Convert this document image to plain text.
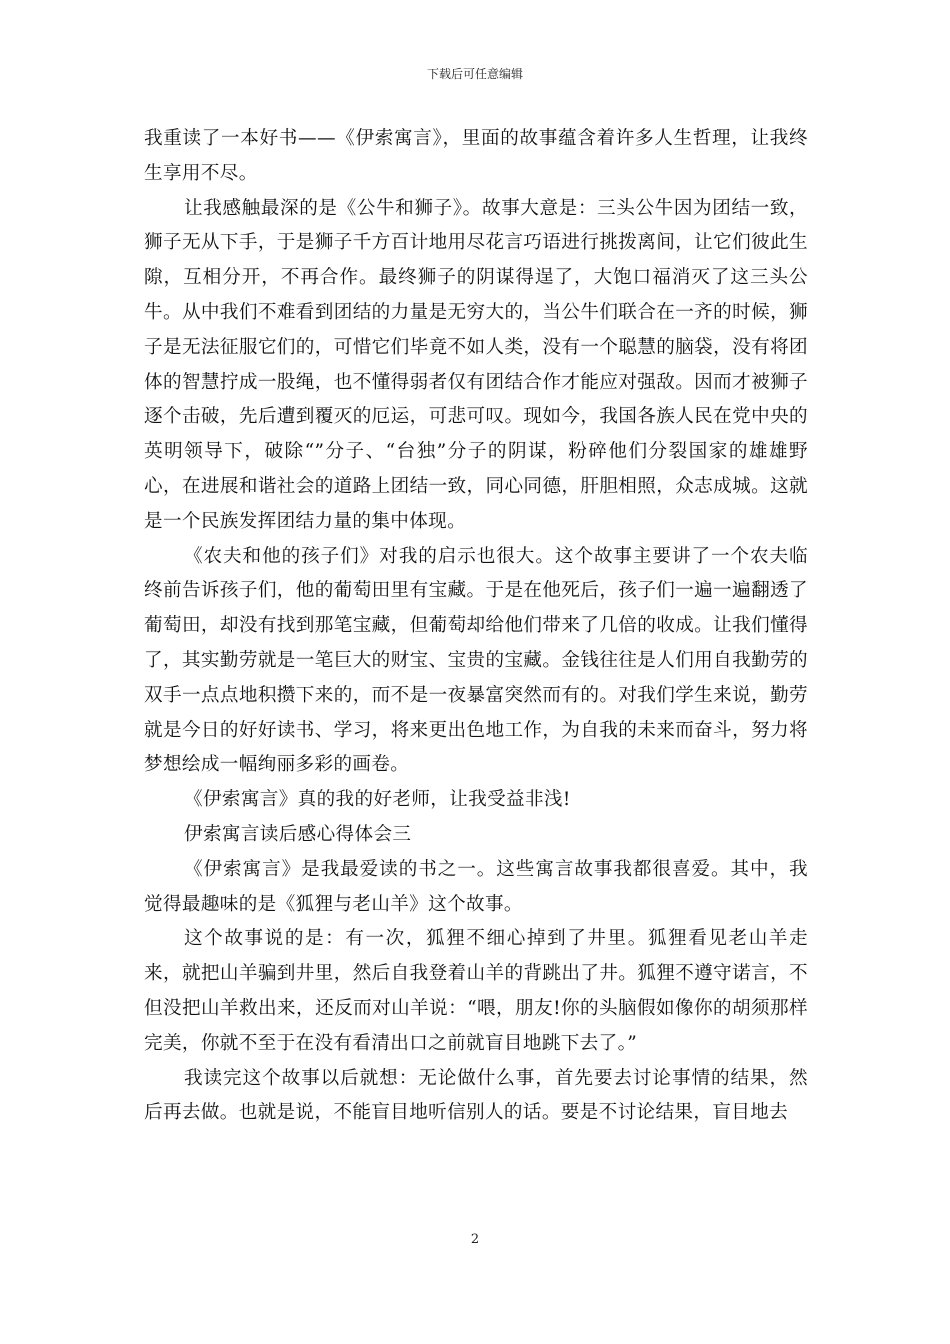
下载后可任意编辑

我重读了一本好书——《伊索寓言》，里面的故事蕴含着许多人生哲理，让我终生享用不尽。

让我感触最深的是《公牛和狮子》。故事大意是：三头公牛因为团结一致，狮子无从下手，于是狮子千方百计地用尽花言巧语进行挑拨离间，让它们彼此生隙，互相分开，不再合作。最终狮子的阴谋得逞了，大饱口福消灭了这三头公牛。从中我们不难看到团结的力量是无穷大的，当公牛们联合在一齐的时候，狮子是无法征服它们的，可惜它们毕竟不如人类，没有一个聪慧的脑袋，没有将团体的智慧拧成一股绳，也不懂得弱者仅有团结合作才能应对强敌。因而才被狮子逐个击破，先后遭到覆灭的厄运，可悲可叹。现如今，我国各族人民在党中央的英明领导下，破除“”分子、“台独”分子的阴谋，粉碎他们分裂国家的雄雄野心，在进展和谐社会的道路上团结一致，同心同德，肝胆相照，众志成城。这就是一个民族发挥团结力量的集中体现。

《农夫和他的孩子们》对我的启示也很大。这个故事主要讲了一个农夫临终前告诉孩子们，他的葡萄田里有宝藏。于是在他死后，孩子们一遍一遍翻透了葡萄田，却没有找到那笔宝藏，但葡萄却给他们带来了几倍的收成。让我们懂得了，其实勤劳就是一笔巨大的财宝、宝贵的宝藏。金钱往往是人们用自我勤劳的双手一点点地积攒下来的，而不是一夜暴富突然而有的。对我们学生来说，勤劳就是今日的好好读书、学习，将来更出色地工作，为自我的未来而奋斗，努力将梦想绘成一幅绚丽多彩的画卷。

《伊索寓言》真的我的好老师，让我受益非浅!

伊索寓言读后感心得体会三

《伊索寓言》是我最爱读的书之一。这些寓言故事我都很喜爱。其中，我觉得最趣味的是《狐狸与老山羊》这个故事。

这个故事说的是：有一次，狐狸不细心掉到了井里。狐狸看见老山羊走来，就把山羊骗到井里，然后自我登着山羊的背跳出了井。狐狸不遵守诺言，不但没把山羊救出来，还反而对山羊说：“喂，朋友!你的头脑假如像你的胡须那样完美，你就不至于在没有看清出口之前就盲目地跳下去了。”

我读完这个故事以后就想：无论做什么事，首先要去讨论事情的结果，然后再去做。也就是说，不能盲目地听信别人的话。要是不讨论结果，盲目地去

2
